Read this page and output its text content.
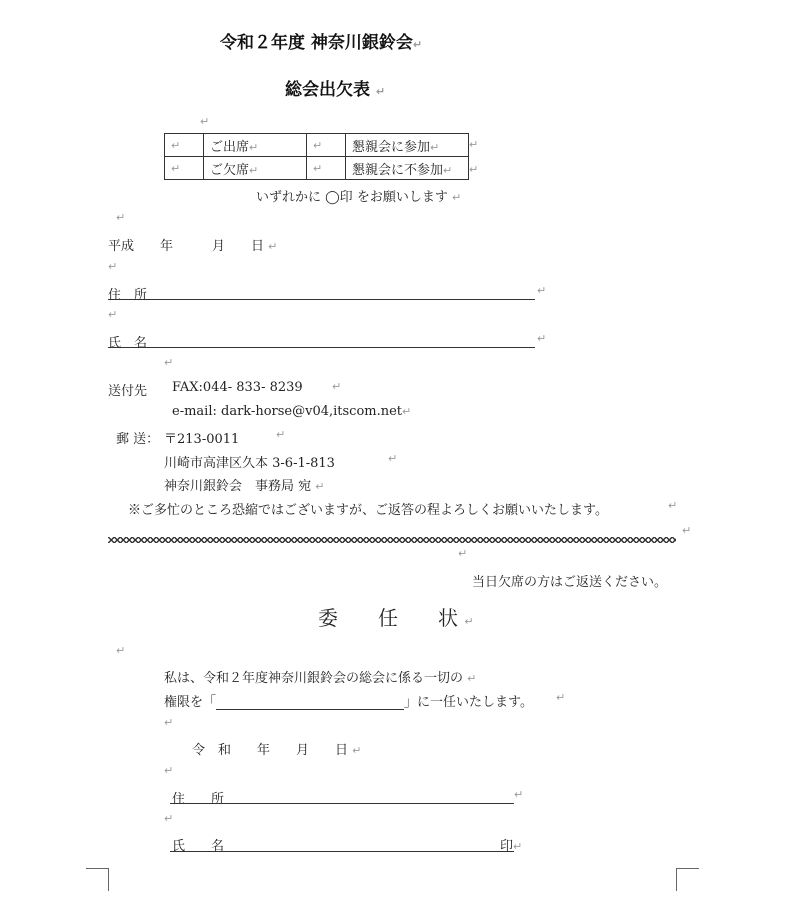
令和２年度 神奈川銀鈴会↵
総会出欠表 ↵
↵
↵	ご出席↵	↵	懇親会に参加↵
↵	ご欠席↵	↵	懇親会に不参加↵
↵
↵
いずれかに ◯印 をお願いします ↵
↵
平成　　年　　　月　　日 ↵
↵
住　所	↵
↵
氏　名	↵
↵
送付先 FAX:044- 833- 8239	↵
e-mail: dark-horse@v04,itscom.net↵
郵 送： 〒213-0011	↵
川崎市高津区久本 3-6-1-813	↵
神奈川銀鈴会　事務局 宛 ↵
※ご多忙のところ恐縮ではございますが、ご返答の程よろしくお願いいたします。	↵
↵
↵
当日欠席の方はご返送ください。
委　　任　　状 ↵
↵
私は、令和２年度神奈川銀鈴会の総会に係る一切の ↵
権限を「	」に一任いたします。 ↵
↵
令　和　　年　　月　　日 ↵
↵
住　　所	↵
↵
氏　　名	印↵
